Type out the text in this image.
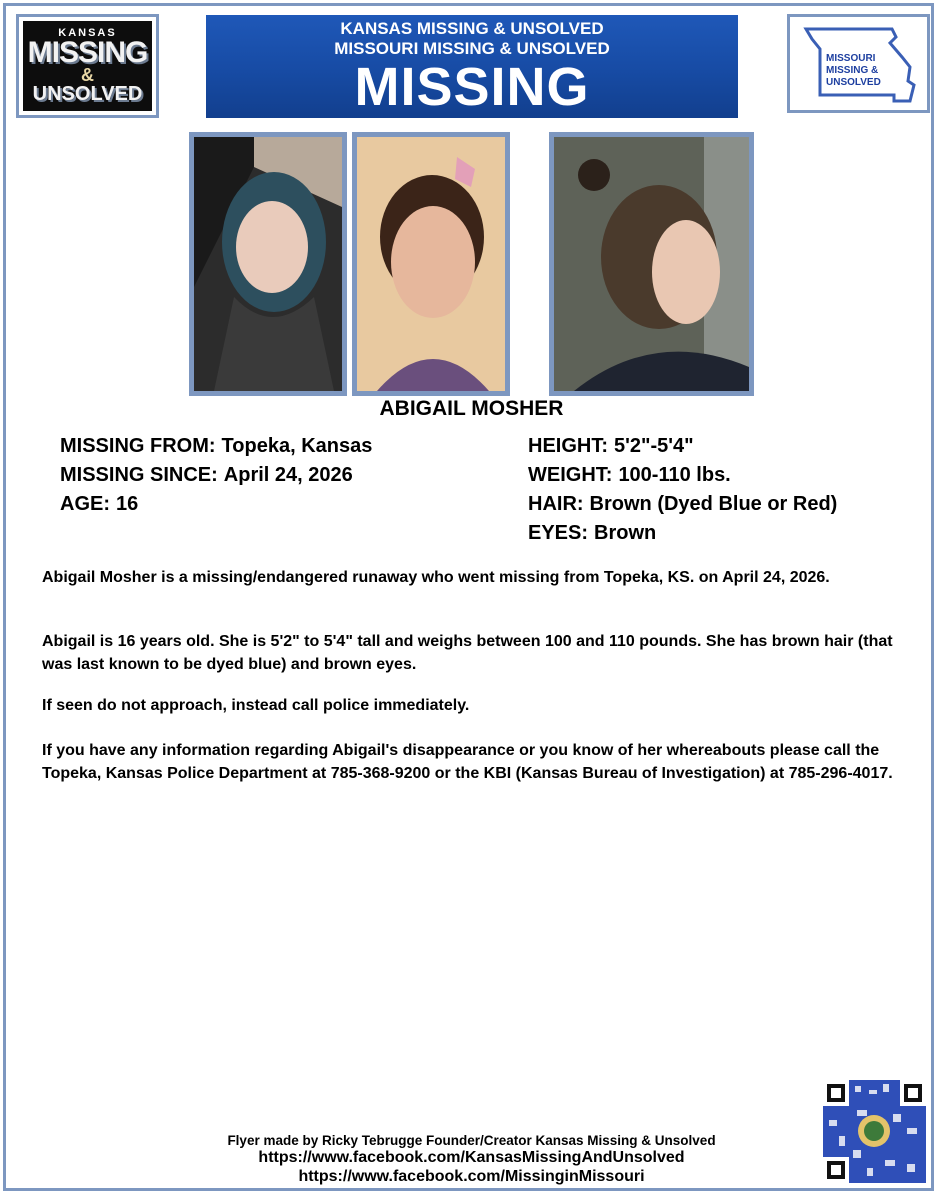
KANSAS
MISSING
&
UNSOLVED
KANSAS MISSING & UNSOLVED
MISSOURI MISSING & UNSOLVED
MISSING	MISSOURI
MISSING &
UNSOLVED
ABIGAIL MOSHER
MISSING FROM: Topeka, Kansas
MISSING SINCE: April 24, 2026
AGE: 16
HEIGHT: 5'2"-5'4"
WEIGHT: 100-110 lbs.
HAIR: Brown (Dyed Blue or Red)
EYES: Brown
Abigail Mosher is a missing/endangered runaway who went missing from Topeka, KS. on April 24, 2026.
Abigail is 16 years old. She is 5'2" to 5'4" tall and weighs between 100 and 110 pounds. She has brown hair (that was last known to be dyed blue) and brown eyes.
If seen do not approach, instead call police immediately.
If you have any information regarding Abigail's disappearance or you know of her whereabouts please call the Topeka, Kansas Police Department at 785-368-9200 or the KBI (Kansas Bureau of Investigation) at 785-296-4017.
Flyer made by Ricky Tebrugge Founder/Creator Kansas Missing & Unsolved
https://www.facebook.com/KansasMissingAndUnsolved
https://www.facebook.com/MissinginMissouri
